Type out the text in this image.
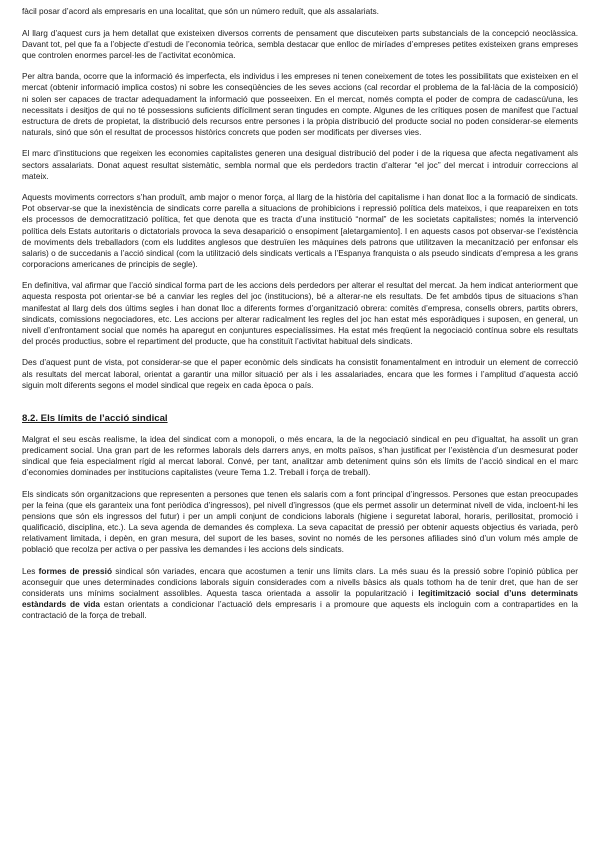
fàcil posar d’acord als empresaris en una localitat, que són un número reduït, que als assalariats.

Al llarg d’aquest curs ja hem detallat que existeixen diversos corrents de pensament que discuteixen parts substancials de la concepció neoclàssica. Davant tot, pel que fa a l’objecte d’estudi de l’economia teòrica, sembla destacar que enlloc de miríades d’empreses petites existeixen grans empreses que controlen enormes parcel·les de l’activitat econòmica.

Per altra banda, ocorre que la informació és imperfecta, els individus i les empreses ni tenen coneixement de totes les possibilitats que existeixen en el mercat (obtenir informació implica costos) ni sobre les conseqüències de les seves accions (cal recordar el problema de la fal·làcia de la composició) ni solen ser capaces de tractar adequadament la informació que posseeixen. En el mercat, només compta el poder de compra de cadascú/una, les necessitats i desitjos de qui no té possessions suficients difícilment seran tingudes en compte. Algunes de les crítiques posen de manifest que l’actual estructura de drets de propietat, la distribució dels recursos entre persones i la pròpia distribució del producte social no poden considerar-se elements naturals, sinó que són el resultat de processos històrics concrets que poden ser modificats per diverses vies.

El marc d’institucions que regeixen les economies capitalistes generen una desigual distribució del poder i de la riquesa que afecta negativament als sectors assalariats. Donat aquest resultat sistemàtic, sembla normal que els perdedors tractin d’alterar “el joc” del mercat i introduir correccions al mateix.

Aquests moviments correctors s’han produït, amb major o menor força, al llarg de la història del capitalisme i han donat lloc a la formació de sindicats. Pot observar-se que la inexistència de sindicats corre parella a situacions de prohibicions i repressió política dels mateixos, i que reapareixen en tots els processos de democratització política, fet que denota que es tracta d’una institució “normal” de les societats capitalistes; només la intervenció política dels Estats autoritaris o dictatorials provoca la seva desaparició o ensopiment [aletargamiento]. I en aquests casos pot observar-se l’existència de moviments dels treballadors (com els luddites anglesos que destruïen les màquines dels patrons que utilitzaven la mecanització per enfonsar els salaris) o de succedanis a l’acció sindical (com la utilització dels sindicats verticals a l’Espanya franquista o als pseudo sindicats d’empresa a les grans corporacions americanes de principis de segle).

En definitiva, val afirmar que l’acció sindical forma part de les accions dels perdedors per alterar el resultat del mercat. Ja hem indicat anteriorment que aquesta resposta pot orientar-se bé a canviar les regles del joc (institucions), bé a alterar-ne els resultats. De fet ambdós tipus de situacions s’han manifestat al llarg dels dos últims segles i han donat lloc a diferents formes d’organització obrera: comitès d’empresa, consells obrers, partits obrers, sindicats, comissions negociadores, etc. Les accions per alterar radicalment les regles del joc han estat més esporàdiques i suposen, en general, un nivell d’enfrontament social que només ha aparegut en conjuntures especialíssimes. Ha estat més freqüent la negociació contínua sobre els resultats del procés productius, sobre el repartiment del producte, que ha constituït l’activitat habitual dels sindicats.

Des d’aquest punt de vista, pot considerar-se que el paper econòmic dels sindicats ha consistit fonamentalment en introduir un element de correcció als resultats del mercat laboral, orientat a garantir una millor situació per als i les assalariades, encara que les formes i l’amplitud d’aquesta acció siguin molt diferents segons el model sindical que regeix en cada època o país.

8.2. Els límits de l’acció sindical

Malgrat el seu escàs realisme, la idea del sindicat com a monopoli, o més encara, la de la negociació sindical en peu d’igualtat, ha assolit un gran predicament social. Una gran part de les reformes laborals dels darrers anys, en molts països, s’han justificat per l’existència d’un desmesurat poder sindical que feia especialment rígid al mercat laboral. Convé, per tant, analitzar amb deteniment quins són els límits de l’acció sindical en el marc d’economies dominades per institucions capitalistes (veure Tema 1.2. Treball i força de treball).

Els sindicats són organitzacions que representen a persones que tenen els salaris com a font principal d’ingressos. Persones que estan preocupades per la feina (que els garanteix una font periòdica d’ingressos), pel nivell d’ingressos (que els permet assolir un determinat nivell de vida, incloent-hi les pensions que són els ingressos del futur) i per un ampli conjunt de condicions laborals (higiene i seguretat laboral, horaris, perillositat, promoció i qualificació, disciplina, etc.). La seva agenda de demandes és complexa. La seva capacitat de pressió per obtenir aquests objectius és variada, però relativament limitada, i depèn, en gran mesura, del suport de les bases, sovint no només de les persones afiliades sinó d’un volum més ample de població que recolza per activa o per passiva les demandes i les accions dels sindicats.

Les formes de pressió sindical són variades, encara que acostumen a tenir uns límits clars. La més suau és la pressió sobre l’opinió pública per aconseguir que unes determinades condicions laborals siguin considerades com a nivells bàsics als quals tothom ha de tenir dret, que han de ser considerats uns mínims socialment assolibles. Aquesta tasca orientada a assolir la popularització i legitimització social d’uns determinats estàndards de vida estan orientats a condicionar l’actuació dels empresaris i a promoure que aquests els incloguin com a contrapartides en la contractació de la força de treball.
